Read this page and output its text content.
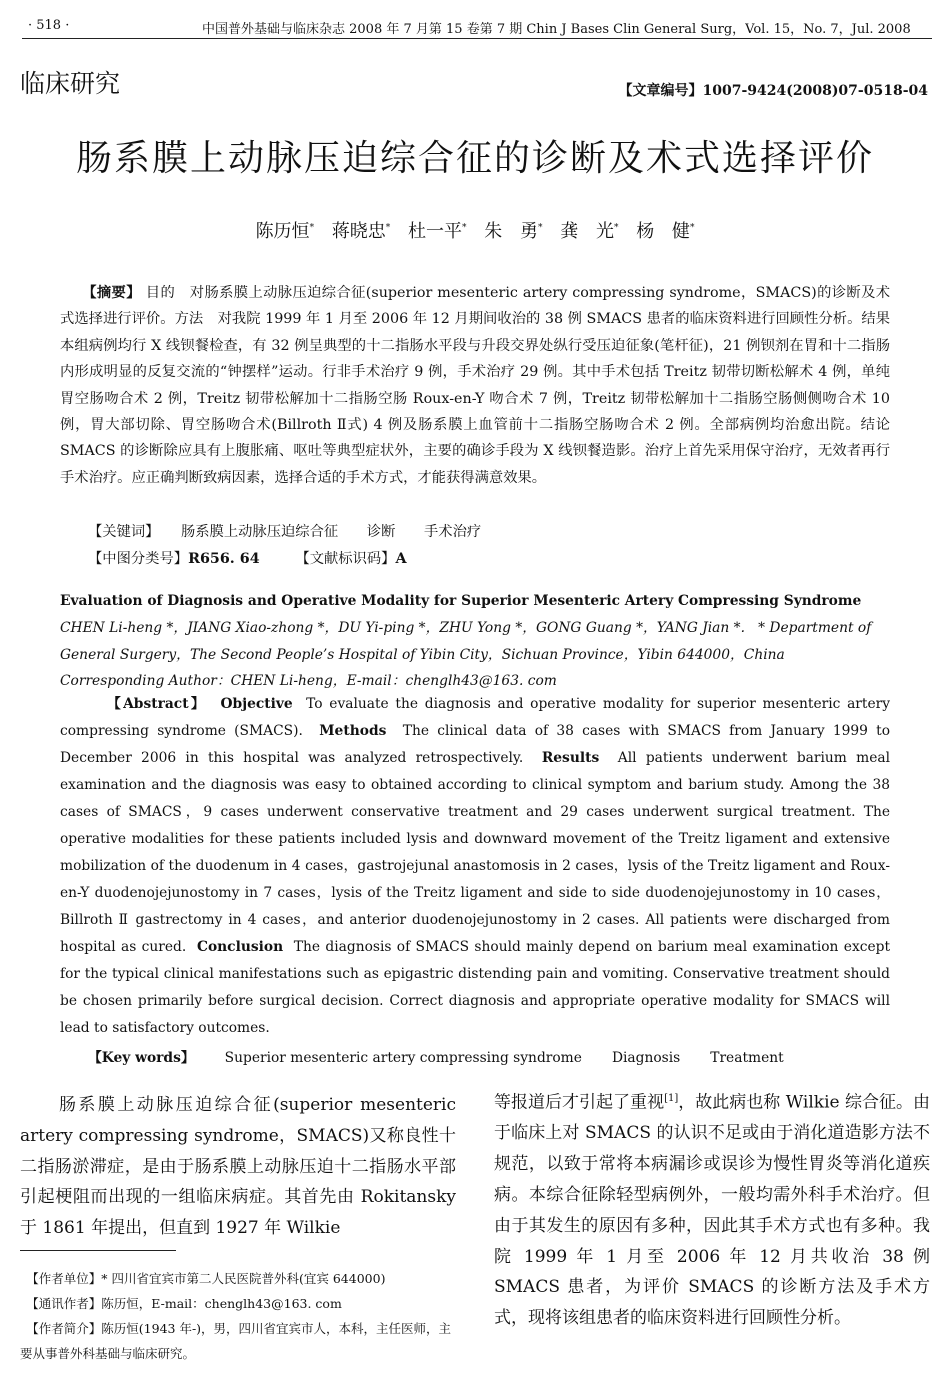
· 518 ·	中国普外基础与临床杂志 2008 年 7 月第 15 卷第 7 期 Chin J Bases Clin General Surg，Vol. 15，No. 7，Jul. 2008
临床研究	【文章编号】1007-9424(2008)07-0518-04
肠系膜上动脉压迫综合征的诊断及术式选择评价
陈历恒* 蒋晓忠* 杜一平* 朱 勇* 龚 光* 杨 健*
　　【摘要】 目的　 对肠系膜上动脉压迫综合征(superior mesenteric artery compressing syndrome，SMACS)的诊断及术式选择进行评价。方法　 对我院 1999 年 1 月至 2006 年 12 月期间收治的 38 例 SMACS 患者的临床资料进行回顾性分析。结果　本组病例均行 X 线钡餐检查，有 32 例呈典型的十二指肠水平段与升段交界处纵行受压迫征象(笔杆征)，21 例钡剂在胃和十二指肠内形成明显的反复交流的“钟摆样”运动。行非手术治疗 9 例，手术治疗 29 例。其中手术包括 Treitz 韧带切断松解术 4 例，单纯胃空肠吻合术 2 例，Treitz 韧带松解加十二指肠空肠 Roux-en-Y 吻合术 7 例，Treitz 韧带松解加十二指肠空肠侧侧吻合术 10 例，胃大部切除、胃空肠吻合术(Billroth Ⅱ式) 4 例及肠系膜上血管前十二指肠空肠吻合术 2 例。全部病例均治愈出院。结论　SMACS 的诊断除应具有上腹胀痛、呕吐等典型症状外，主要的确诊手段为 X 线钡餐造影。治疗上首先采用保守治疗，无效者再行手术治疗。应正确判断致病因素，选择合适的手术方式，才能获得满意效果。
【关键词】　　 肠系膜上动脉压迫综合征　　 诊断　　 手术治疗
【中图分类号】R656. 64　　　	【文献标识码】A
Evaluation of Diagnosis and Operative Modality for Superior Mesenteric Artery Compressing Syndrome    CHEN Li-heng *，JIANG Xiao-zhong *，DU Yi-ping *，ZHU Yong *，GONG Guang *，YANG Jian *. * Department of General Surgery，The Second People’s Hospital of Yibin City，Sichuan Province，Yibin 644000，China
Corresponding Author：CHEN Li-heng，E-mail：chenglh43@163. com
【Abstract】 Objective To evaluate the diagnosis and operative modality for superior mesenteric artery compressing syndrome (SMACS). Methods The clinical data of 38 cases with SMACS from January 1999 to December 2006 in this hospital was analyzed retrospectively. Results All patients underwent barium meal examination and the diagnosis was easy to obtained according to clinical symptom and barium study. Among the 38 cases of SMACS，9 cases underwent conservative treatment and 29 cases underwent surgical treatment. The operative modalities for these patients included lysis and downward movement of the Treitz ligament and extensive mobilization of the duodenum in 4 cases，gastrojejunal anastomosis in 2 cases，lysis of the Treitz ligament and Roux-en-Y duodenojejunostomy in 7 cases，lysis of the Treitz ligament and side to side duodenojejunostomy in 10 cases，Billroth Ⅱ gastrectomy in 4 cases，and anterior duodenojejunostomy in 2 cases. All patients were discharged from hospital as cured. Conclusion The diagnosis of SMACS should mainly depend on barium meal examination except for the typical clinical manifestations such as epigastric distending pain and vomiting. Conservative treatment should be chosen primarily before surgical decision. Correct diagnosis and appropriate operative modality for SMACS will lead to satisfactory outcomes.
【Key words】 Superior mesenteric artery compressing syndrome Diagnosis Treatment
　　肠系膜上动脉压迫综合征(superior mesenteric artery compressing syndrome，SMACS)又称良性十二指肠淤滞症，是由于肠系膜上动脉压迫十二指肠水平部引起梗阻而出现的一组临床病症。其首先由 Rokitansky 于 1861 年提出，但直到 1927 年 Wilkie
　【作者单位】* 四川省宜宾市第二人民医院普外科(宜宾 644000)
　【通讯作者】陈历恒，E-mail：chenglh43@163. com
　【作者简介】陈历恒(1943 年-)，男，四川省宜宾市人，本科，主任医师，主要从事普外科基础与临床研究。
等报道后才引起了重视[1]，故此病也称 Wilkie 综合征。由于临床上对 SMACS 的认识不足或由于消化道造影方法不规范，以致于常将本病漏诊或误诊为慢性胃炎等消化道疾病。本综合征除轻型病例外，一般均需外科手术治疗。但由于其发生的原因有多种，因此其手术方式也有多种。我院 1999 年 1 月至 2006 年 12 月共收治 38 例 SMACS 患者，为评价 SMACS 的诊断方法及手术方式，现将该组患者的临床资料进行回顾性分析。
